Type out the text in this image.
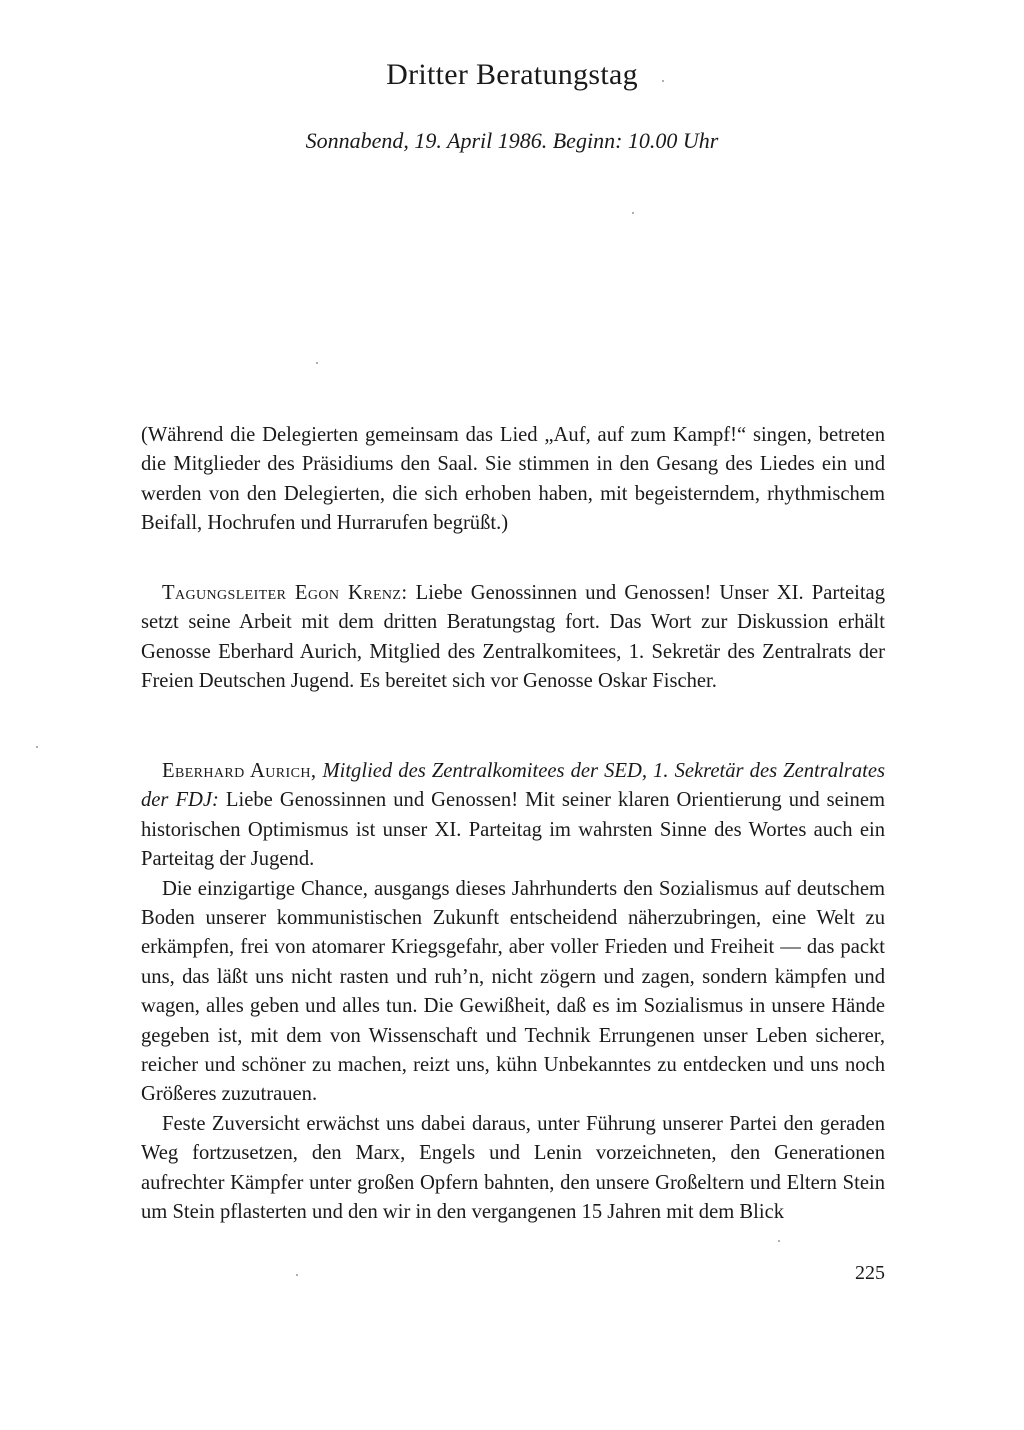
Dritter Beratungstag

Sonnabend, 19. April 1986. Beginn: 10.00 Uhr

(Während die Delegierten gemeinsam das Lied „Auf, auf zum Kampf!“ singen, betreten die Mitglieder des Präsidiums den Saal. Sie stimmen in den Gesang des Liedes ein und werden von den Delegierten, die sich erhoben haben, mit begeisterndem, rhythmischem Beifall, Hochrufen und Hurrarufen begrüßt.)

Tagungsleiter Egon Krenz: Liebe Genossinnen und Genossen! Unser XI. Parteitag setzt seine Arbeit mit dem dritten Beratungstag fort. Das Wort zur Diskussion erhält Genosse Eberhard Aurich, Mitglied des Zentralkomitees, 1. Sekretär des Zentralrats der Freien Deutschen Jugend. Es bereitet sich vor Genosse Oskar Fischer.

Eberhard Aurich, Mitglied des Zentralkomitees der SED, 1. Sekretär des Zentralrates der FDJ: Liebe Genossinnen und Genossen! Mit seiner klaren Orientierung und seinem historischen Optimismus ist unser XI. Parteitag im wahrsten Sinne des Wortes auch ein Parteitag der Jugend.

Die einzigartige Chance, ausgangs dieses Jahrhunderts den Sozialismus auf deutschem Boden unserer kommunistischen Zukunft entscheidend näherzubringen, eine Welt zu erkämpfen, frei von atomarer Kriegsgefahr, aber voller Frieden und Freiheit — das packt uns, das läßt uns nicht rasten und ruh’n, nicht zögern und zagen, sondern kämpfen und wagen, alles geben und alles tun. Die Gewißheit, daß es im Sozialismus in unsere Hände gegeben ist, mit dem von Wissenschaft und Technik Errungenen unser Leben sicherer, reicher und schöner zu machen, reizt uns, kühn Unbekanntes zu entdecken und uns noch Größeres zuzutrauen.

Feste Zuversicht erwächst uns dabei daraus, unter Führung unserer Partei den geraden Weg fortzusetzen, den Marx, Engels und Lenin vorzeichneten, den Generationen aufrechter Kämpfer unter großen Opfern bahnten, den unsere Großeltern und Eltern Stein um Stein pflasterten und den wir in den vergangenen 15 Jahren mit dem Blick

225
